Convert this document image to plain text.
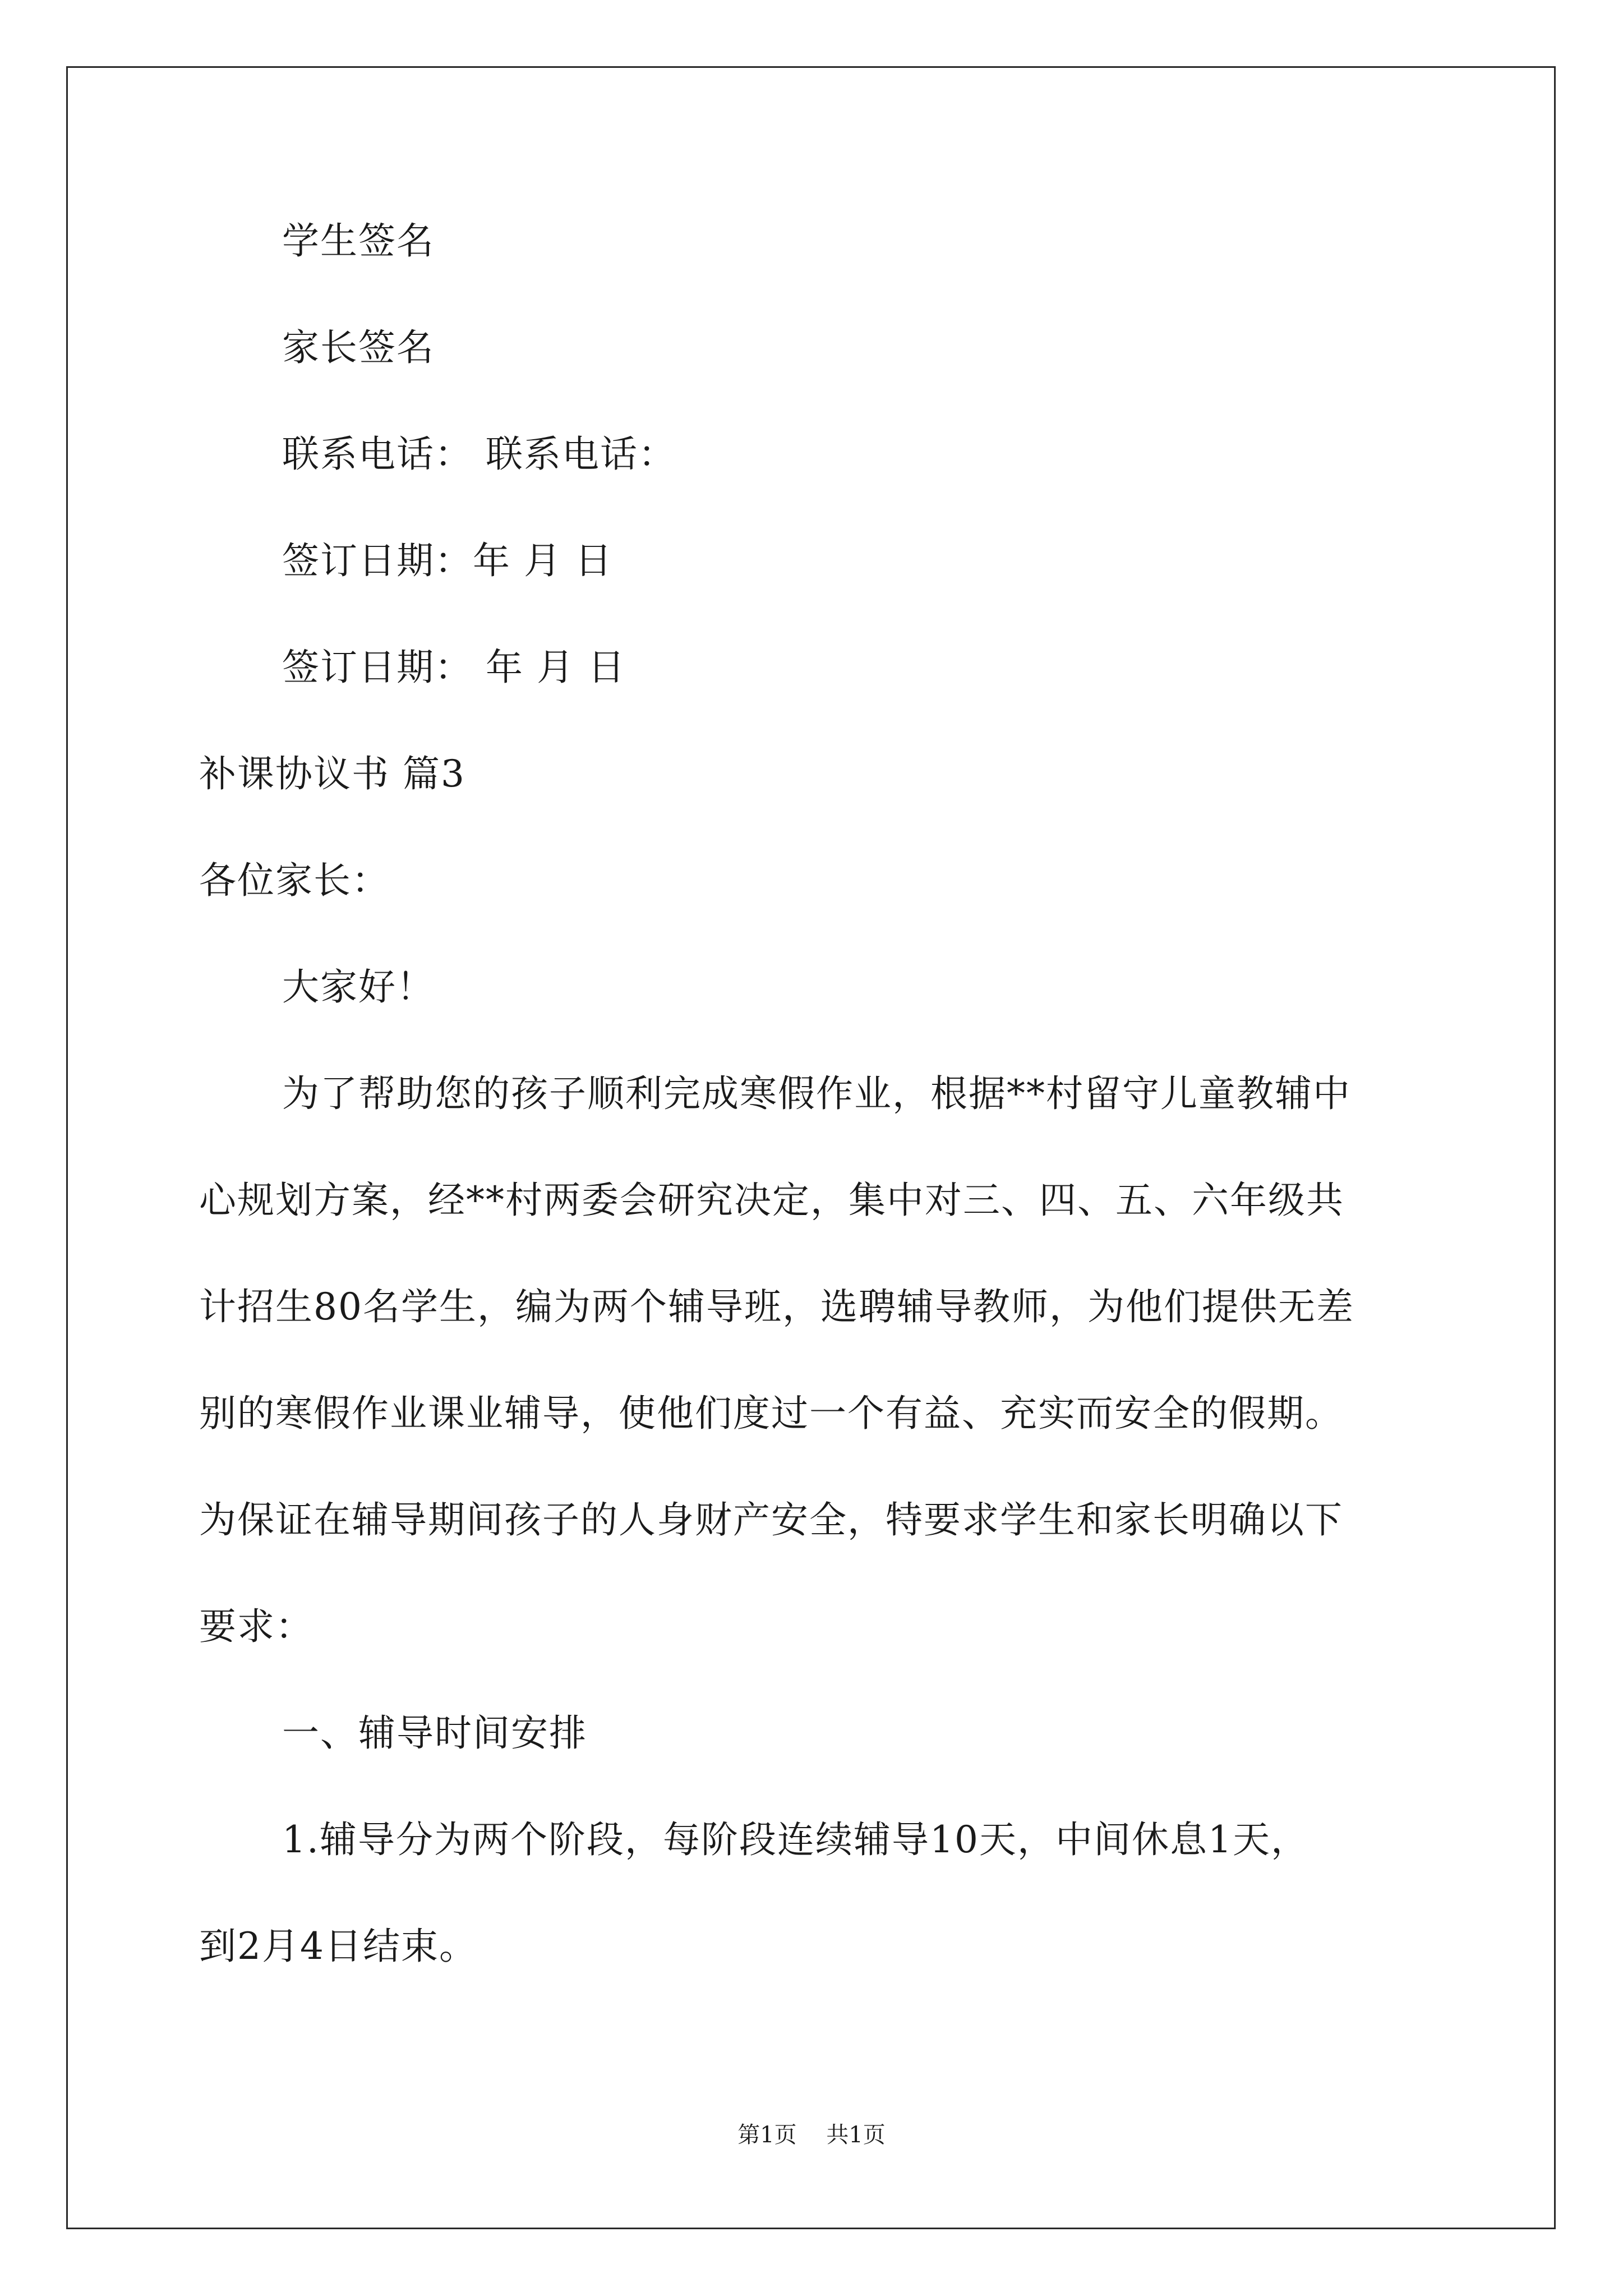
学生签名
家长签名
联系电话： 联系电话：
签订日期：年 月 日
签订日期： 年 月 日
补课协议书 篇3
各位家长：
大家好！
为了帮助您的孩子顺利完成寒假作业，根据**村留守儿童教辅中
心规划方案，经**村两委会研究决定，集中对三、四、五、六年级共
计招生80名学生，编为两个辅导班，选聘辅导教师，为他们提供无差
别的寒假作业课业辅导，使他们度过一个有益、充实而安全的假期。
为保证在辅导期间孩子的人身财产安全，特要求学生和家长明确以下
要求：
一、辅导时间安排
1.辅导分为两个阶段，每阶段连续辅导10天，中间休息1天，
到2月4日结束。
第1页 共1页
